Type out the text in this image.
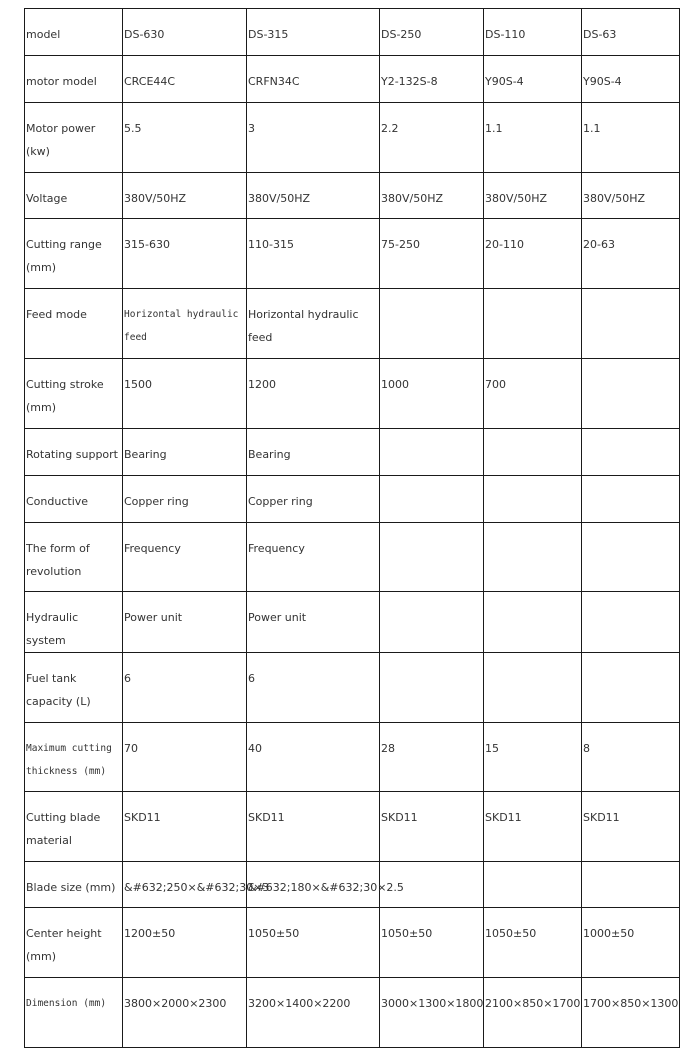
model	DS-630	DS-315	DS-250	DS-110	DS-63
motor model	CRCE44C	CRFN34C	Y2-132S-8	Y90S-4	Y90S-4
Motor power (kw)	5.5	3	2.2	1.1	1.1
Voltage	380V/50HZ	380V/50HZ	380V/50HZ	380V/50HZ	380V/50HZ
Cutting range (mm)	315-630	110-315	75-250	20-110	20-63
Feed mode	Horizontal hydraulic feed	Horizontal hydraulic feed			
Cutting stroke (mm)	1500	1200	1000	700	
Rotating support	Bearing	Bearing			
Conductive	Copper ring	Copper ring			
The form of revolution	Frequency	Frequency			
Hydraulic system	Power unit	Power unit			
Fuel tank capacity (L)	6	6			
Maximum cutting thickness (mm)	70	40	28	15	8
Cutting blade material	SKD11	SKD11	SKD11	SKD11	SKD11
Blade size (mm)	&#632;250×&#632;30×3	&#632;180×&#632;30×2.5			
Center height (mm)	1200±50	1050±50	1050±50	1050±50	1000±50
Dimension (mm)	3800×2000×2300	3200×1400×2200	3000×1300×1800	2100×850×1700	1700×850×1300
